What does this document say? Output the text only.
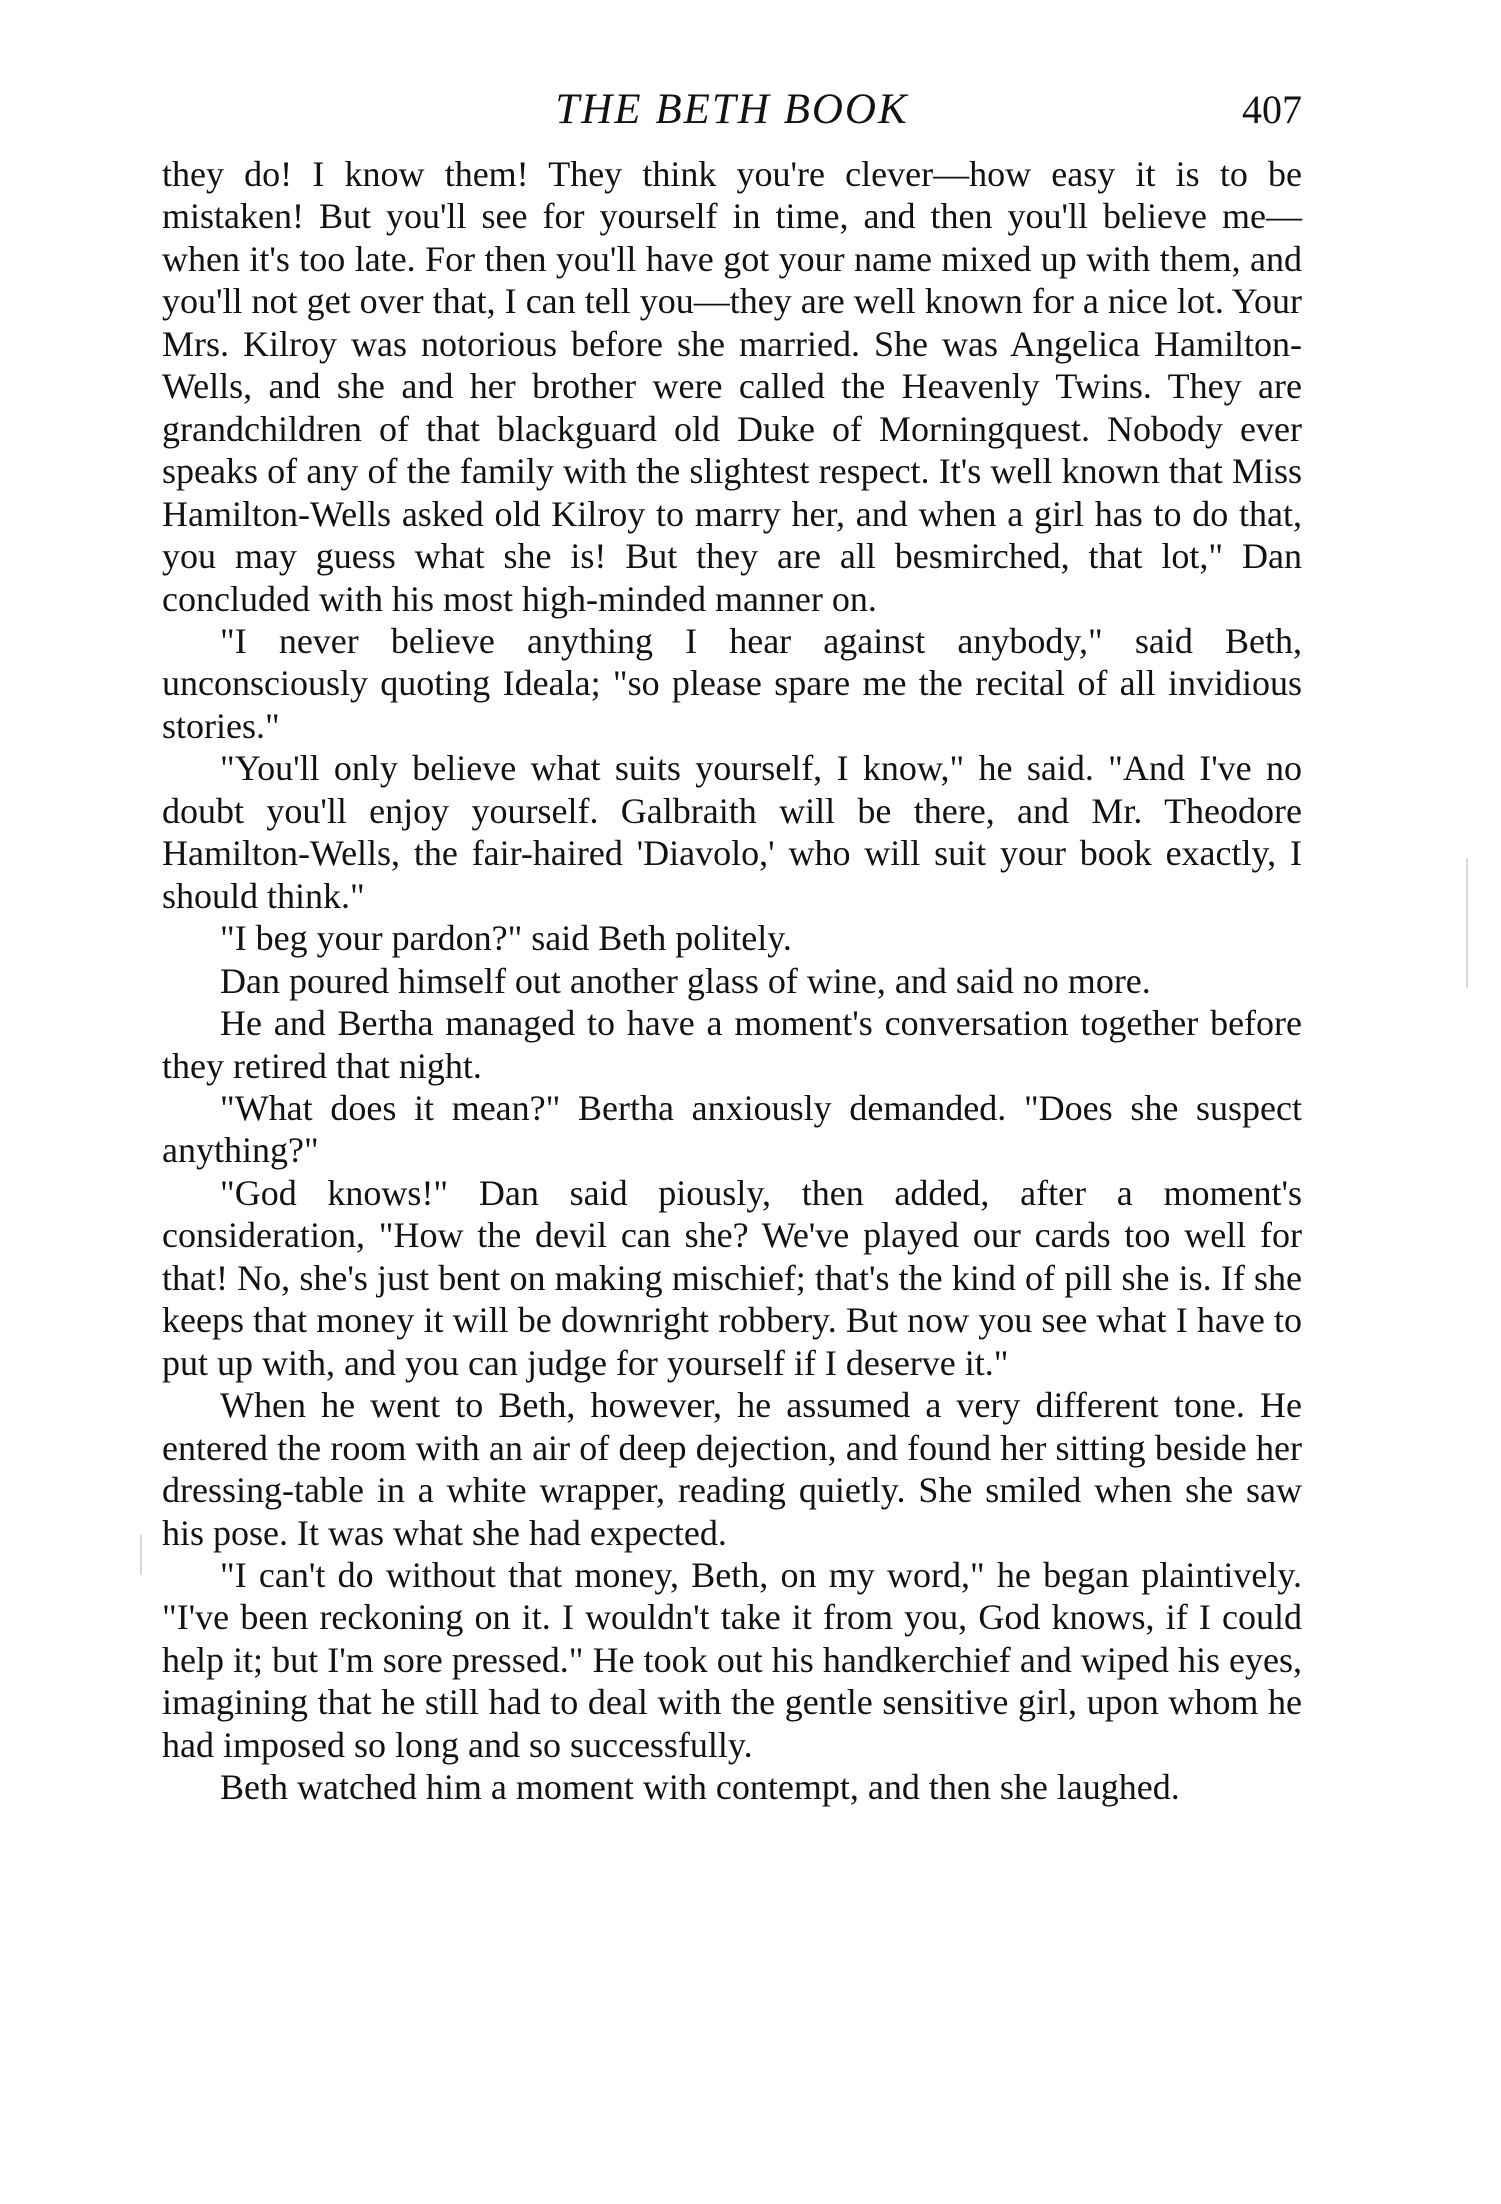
THE BETH BOOK	407

they do! I know them! They think you're clever—how easy it is to be mistaken! But you'll see for yourself in time, and then you'll believe me—when it's too late. For then you'll have got your name mixed up with them, and you'll not get over that, I can tell you—they are well known for a nice lot. Your Mrs. Kilroy was notorious before she married. She was Angelica Hamilton-Wells, and she and her brother were called the Heavenly Twins. They are grandchildren of that blackguard old Duke of Morningquest. Nobody ever speaks of any of the family with the slightest respect. It's well known that Miss Hamilton-Wells asked old Kilroy to marry her, and when a girl has to do that, you may guess what she is! But they are all besmirched, that lot," Dan concluded with his most high-minded manner on.

"I never believe anything I hear against anybody," said Beth, unconsciously quoting Ideala; "so please spare me the recital of all invidious stories."

"You'll only believe what suits yourself, I know," he said. "And I've no doubt you'll enjoy yourself. Galbraith will be there, and Mr. Theodore Hamilton-Wells, the fair-haired 'Diavolo,' who will suit your book exactly, I should think."

"I beg your pardon?" said Beth politely.

Dan poured himself out another glass of wine, and said no more.

He and Bertha managed to have a moment's conversation together before they retired that night.

"What does it mean?" Bertha anxiously demanded. "Does she suspect anything?"

"God knows!" Dan said piously, then added, after a moment's consideration, "How the devil can she? We've played our cards too well for that! No, she's just bent on making mischief; that's the kind of pill she is. If she keeps that money it will be downright robbery. But now you see what I have to put up with, and you can judge for yourself if I deserve it."

When he went to Beth, however, he assumed a very different tone. He entered the room with an air of deep dejection, and found her sitting beside her dressing-table in a white wrapper, reading quietly. She smiled when she saw his pose. It was what she had expected.

"I can't do without that money, Beth, on my word," he began plaintively. "I've been reckoning on it. I wouldn't take it from you, God knows, if I could help it; but I'm sore pressed." He took out his handkerchief and wiped his eyes, imagining that he still had to deal with the gentle sensitive girl, upon whom he had imposed so long and so successfully.

Beth watched him a moment with contempt, and then she laughed.
